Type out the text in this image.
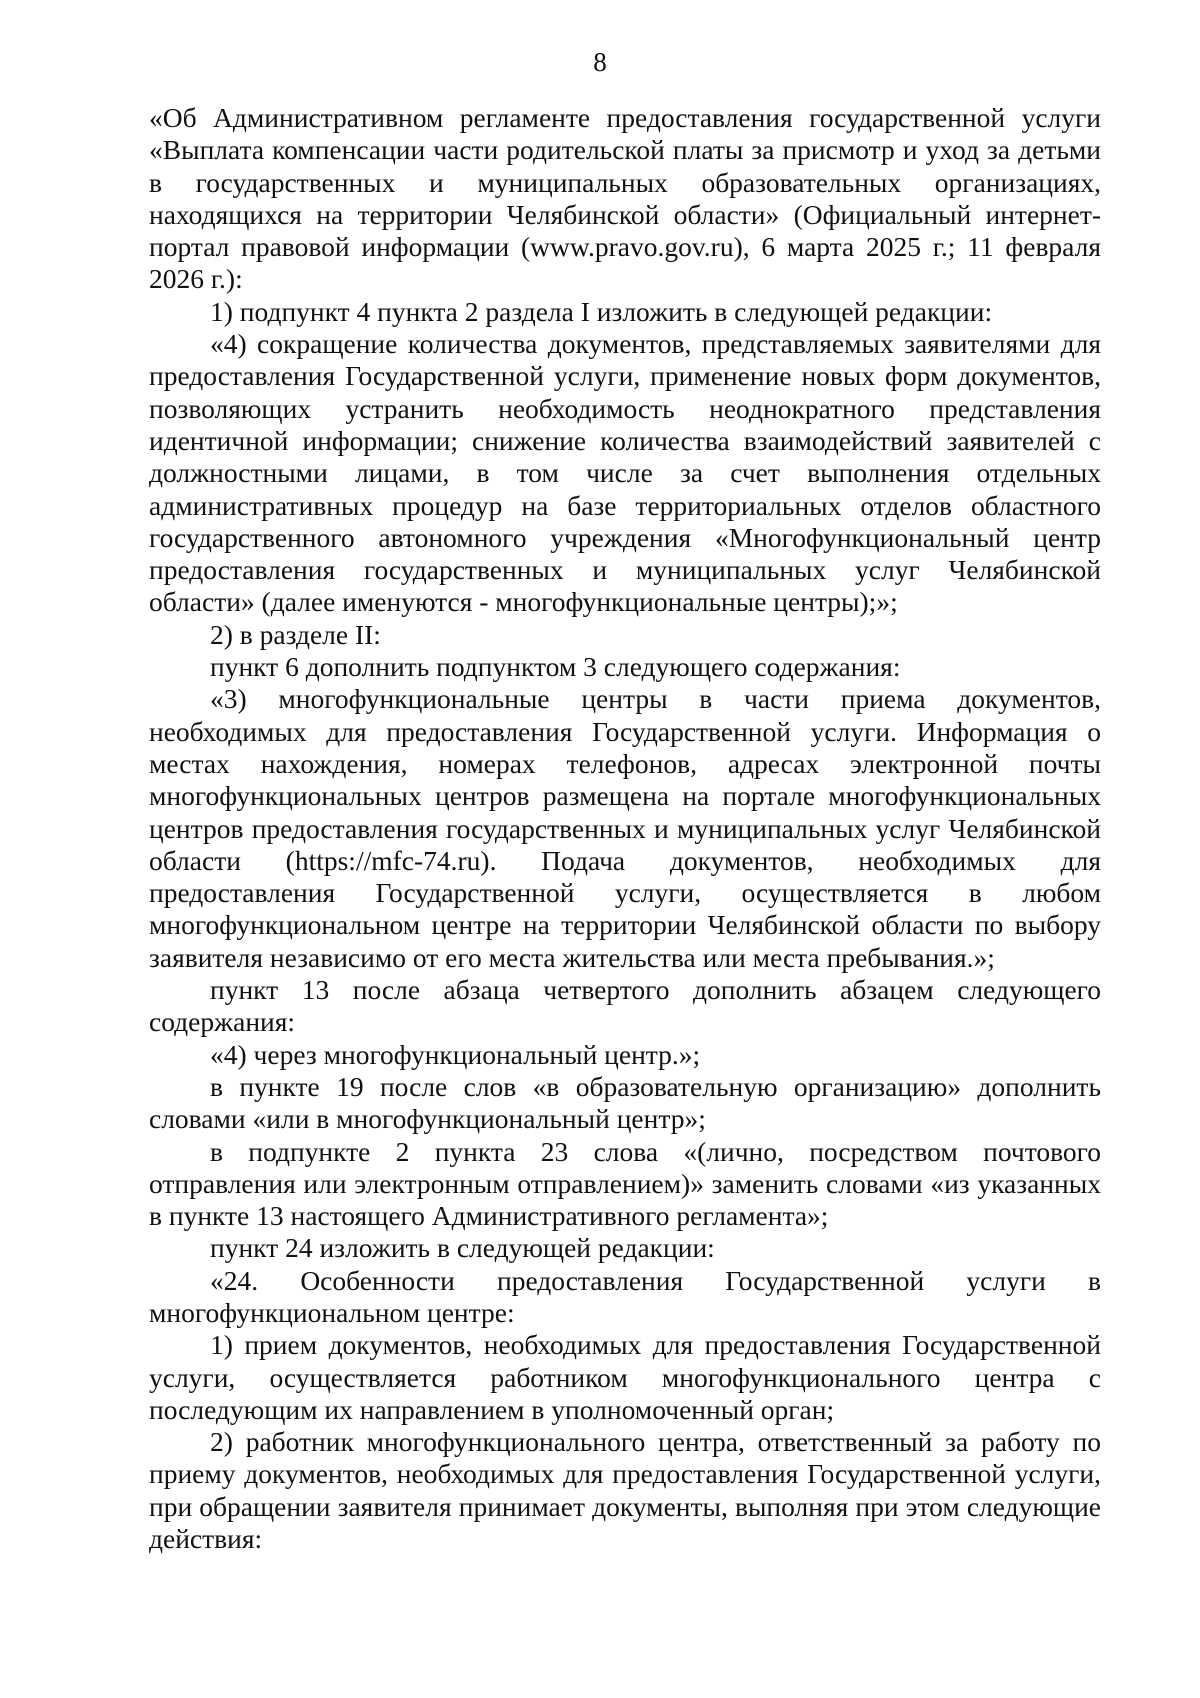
8

«Об Административном регламенте предоставления государственной услуги «Выплата компенсации части родительской платы за присмотр и уход за детьми в государственных и муниципальных образовательных организациях, находящихся на территории Челябинской области» (Официальный интернет-портал правовой информации (www.pravo.gov.ru), 6 марта 2025 г.; 11 февраля 2026 г.):

1) подпункт 4 пункта 2 раздела I изложить в следующей редакции:

«4) сокращение количества документов, представляемых заявителями для предоставления Государственной услуги, применение новых форм документов, позволяющих устранить необходимость неоднократного представления идентичной информации; снижение количества взаимодействий заявителей с должностными лицами, в том числе за счет выполнения отдельных административных процедур на базе территориальных отделов областного государственного автономного учреждения «Многофункциональный центр предоставления государственных и муниципальных услуг Челябинской области» (далее именуются - многофункциональные центры);»;

2) в разделе II:

пункт 6 дополнить подпунктом 3 следующего содержания:

«3) многофункциональные центры в части приема документов, необходимых для предоставления Государственной услуги. Информация о местах нахождения, номерах телефонов, адресах электронной почты многофункциональных центров размещена на портале многофункциональных центров предоставления государственных и муниципальных услуг Челябинской области (https://mfc-74.ru). Подача документов, необходимых для предоставления Государственной услуги, осуществляется в любом многофункциональном центре на территории Челябинской области по выбору заявителя независимо от его места жительства или места пребывания.»;

пункт 13 после абзаца четвертого дополнить абзацем следующего содержания:

«4) через многофункциональный центр.»;

в пункте 19 после слов «в образовательную организацию» дополнить словами «или в многофункциональный центр»;

в подпункте 2 пункта 23 слова «(лично, посредством почтового отправления или электронным отправлением)» заменить словами «из указанных в пункте 13 настоящего Административного регламента»;

пункт 24 изложить в следующей редакции:

«24. Особенности предоставления Государственной услуги в многофункциональном центре:

1) прием документов, необходимых для предоставления Государственной услуги, осуществляется работником многофункционального центра с последующим их направлением в уполномоченный орган;

2) работник многофункционального центра, ответственный за работу по приему документов, необходимых для предоставления Государственной услуги, при обращении заявителя принимает документы, выполняя при этом следующие действия:
